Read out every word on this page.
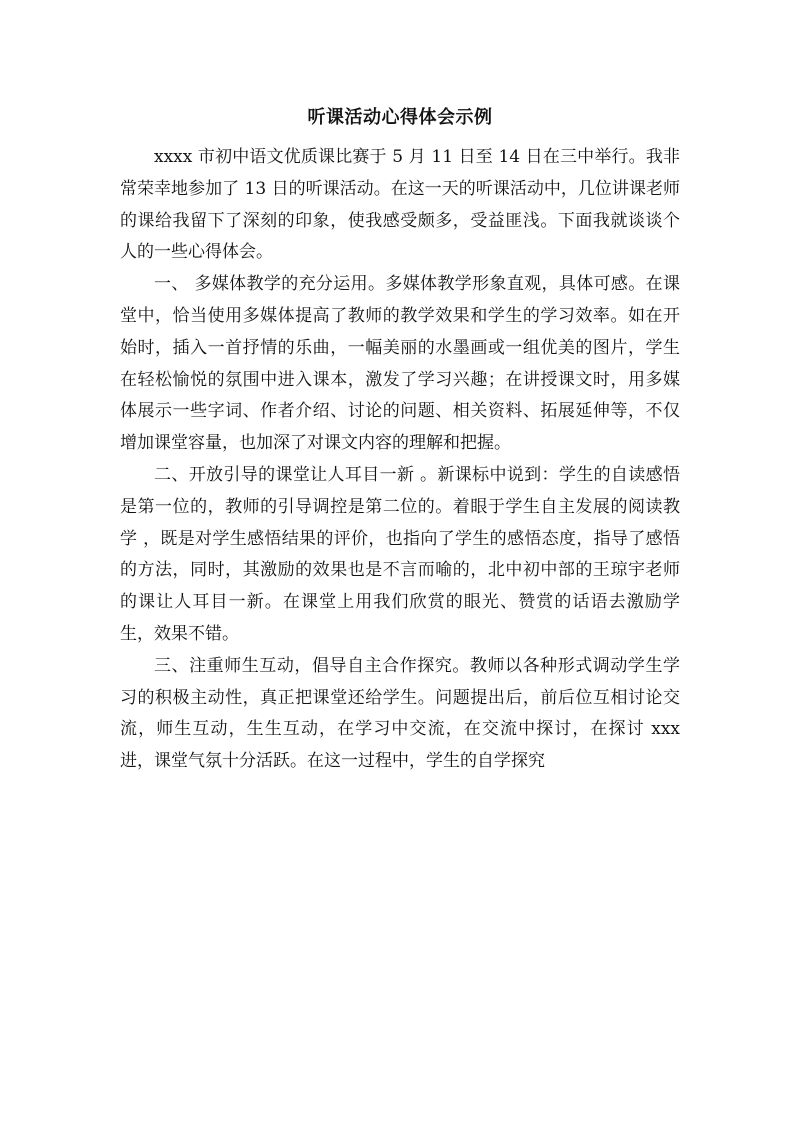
听课活动心得体会示例

xxxx 市初中语文优质课比赛于 5 月 11 日至 14 日在三中举行。我非常荣幸地参加了 13 日的听课活动。在这一天的听课活动中，几位讲课老师的课给我留下了深刻的印象，使我感受颇多，受益匪浅。下面我就谈谈个人的一些心得体会。

一、 多媒体教学的充分运用。多媒体教学形象直观，具体可感。在课堂中，恰当使用多媒体提高了教师的教学效果和学生的学习效率。如在开始时，插入一首抒情的乐曲，一幅美丽的水墨画或一组优美的图片，学生在轻松愉悦的氛围中进入课本，激发了学习兴趣；在讲授课文时，用多媒体展示一些字词、作者介绍、讨论的问题、相关资料、拓展延伸等，不仅增加课堂容量，也加深了对课文内容的理解和把握。

二、开放引导的课堂让人耳目一新 。新课标中说到：学生的自读感悟是第一位的，教师的引导调控是第二位的。着眼于学生自主发展的阅读教学 ，既是对学生感悟结果的评价，也指向了学生的感悟态度，指导了感悟的方法，同时，其激励的效果也是不言而喻的，北中初中部的王琼宇老师的课让人耳目一新。在课堂上用我们欣赏的眼光、赞赏的话语去激励学生，效果不错。

三、注重师生互动，倡导自主合作探究。教师以各种形式调动学生学习的积极主动性，真正把课堂还给学生。问题提出后，前后位互相讨论交流，师生互动，生生互动，在学习中交流，在交流中探讨，在探讨 xxx 进，课堂气氛十分活跃。在这一过程中，学生的自学探究
